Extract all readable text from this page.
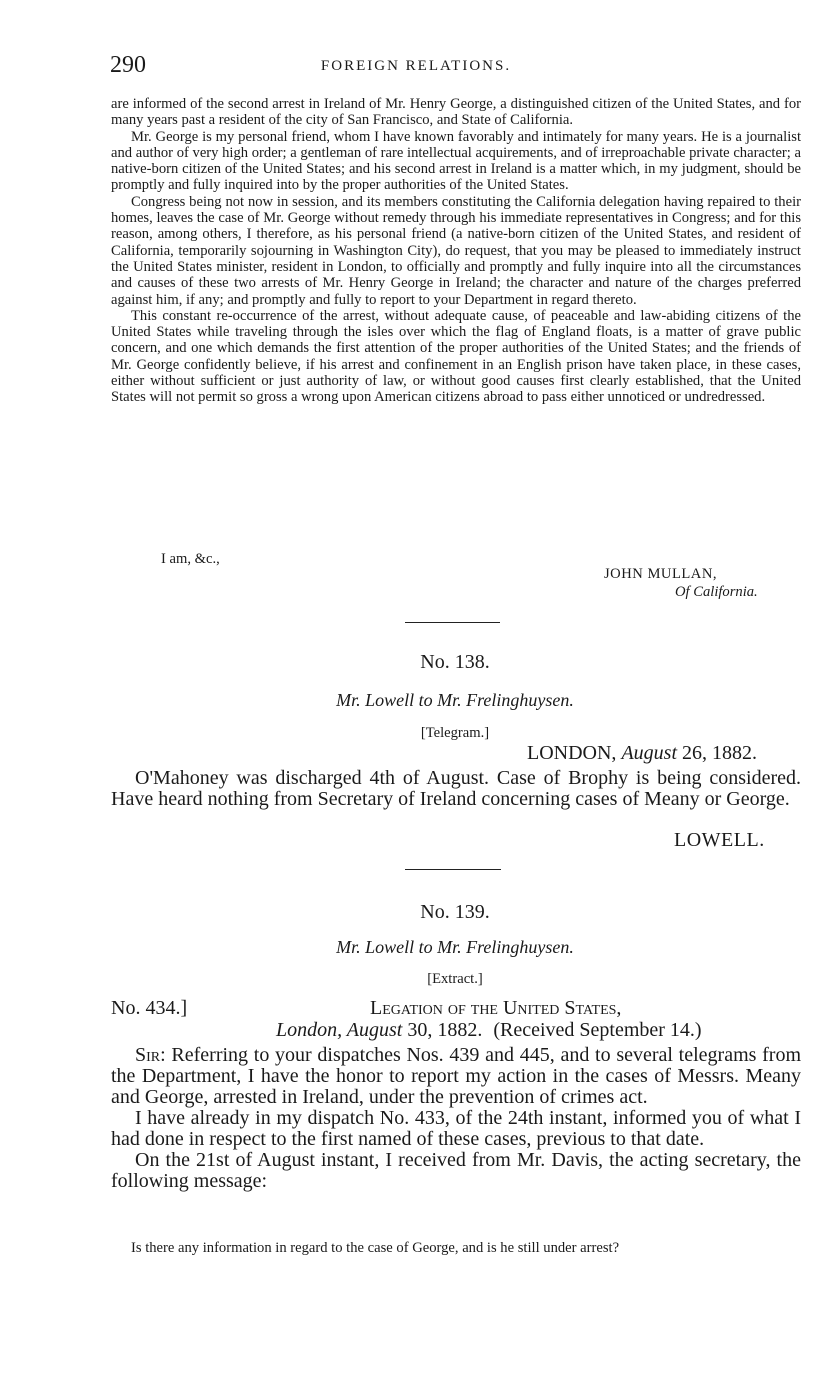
290	FOREIGN RELATIONS.

are informed of the second arrest in Ireland of Mr. Henry George, a distinguished citizen of the United States, and for many years past a resident of the city of San Francisco, and State of California.

Mr. George is my personal friend, whom I have known favorably and intimately for many years. He is a journalist and author of very high order; a gentleman of rare intellectual acquirements, and of irreproachable private character; a native-born citizen of the United States; and his second arrest in Ireland is a matter which, in my judgment, should be promptly and fully inquired into by the proper authorities of the United States.

Congress being not now in session, and its members constituting the California delegation having repaired to their homes, leaves the case of Mr. George without remedy through his immediate representatives in Congress; and for this reason, among others, I therefore, as his personal friend (a native-born citizen of the United States, and resident of California, temporarily sojourning in Washington City), do request, that you may be pleased to immediately instruct the United States minister, resident in London, to officially and promptly and fully inquire into all the circumstances and causes of these two arrests of Mr. Henry George in Ireland; the character and nature of the charges preferred against him, if any; and promptly and fully to report to your Department in regard thereto.

This constant re-occurrence of the arrest, without adequate cause, of peaceable and law-abiding citizens of the United States while traveling through the isles over which the flag of England floats, is a matter of grave public concern, and one which demands the first attention of the proper authorities of the United States; and the friends of Mr. George confidently believe, if his arrest and confinement in an English prison have taken place, in these cases, either without sufficient or just authority of law, or without good causes first clearly established, that the United States will not permit so gross a wrong upon American citizens abroad to pass either unnoticed or undredressed.

I am, &c.,
JOHN MULLAN,
Of California.
No. 138.
Mr. Lowell to Mr. Frelinghuysen.
[Telegram.]
LONDON, August 26, 1882.

O'Mahoney was discharged 4th of August. Case of Brophy is being considered. Have heard nothing from Secretary of Ireland concerning cases of Meany or George.

LOWELL.
No. 139.
Mr. Lowell to Mr. Frelinghuysen.
[Extract.]
No. 434.]	Legation of the United States,
London, August 30, 1882. (Received September 14.)

Sir: Referring to your dispatches Nos. 439 and 445, and to several telegrams from the Department, I have the honor to report my action in the cases of Messrs. Meany and George, arrested in Ireland, under the prevention of crimes act.

I have already in my dispatch No. 433, of the 24th instant, informed you of what I had done in respect to the first named of these cases, previous to that date.

On the 21st of August instant, I received from Mr. Davis, the acting secretary, the following message:

Is there any information in regard to the case of George, and is he still under arrest?
